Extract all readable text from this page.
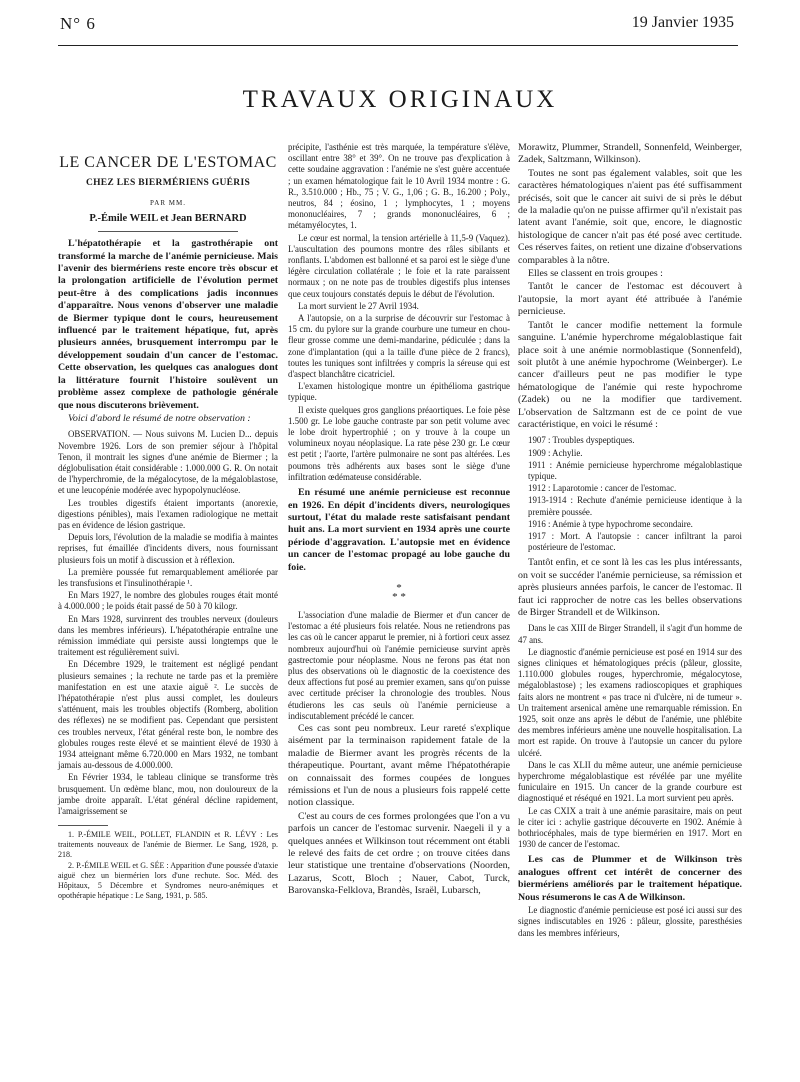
N° 6	19 Janvier 1935
TRAVAUX ORIGINAUX
LE CANCER DE L'ESTOMAC
CHEZ LES BIERMÉRIENS GUÉRIS
PAR MM.
P.-Émile WEIL et Jean BERNARD

L'hépatothérapie et la gastrothérapie ont transformé la marche de l'anémie pernicieuse. Mais l'avenir des biermériens reste encore très obscur et la prolongation artificielle de l'évolution permet peut-être à des complications jadis inconnues d'apparaître. Nous venons d'observer une maladie de Biermer typique dont le cours, heureusement influencé par le traitement hépatique, fut, après plusieurs années, brusquement interrompu par le développement soudain d'un cancer de l'estomac. Cette observation, les quelques cas analogues dont la littérature fournit l'histoire soulèvent un problème assez complexe de pathologie générale que nous discuterons brièvement.

Voici d'abord le résumé de notre observation :

OBSERVATION. — Nous suivons M. Lucien D... depuis Novembre 1926. Lors de son premier séjour à l'hôpital Tenon, il montrait les signes d'une anémie de Biermer ; la déglobulisation était considérable : 1.000.000 G. R. On notait de l'hyperchromie, de la mégalocytose, de la mégaloblastose, et une leucopénie modérée avec hypopolynucléose.

Les troubles digestifs étaient importants (anorexie, digestions pénibles), mais l'examen radiologique ne mettait pas en évidence de lésion gastrique.

Depuis lors, l'évolution de la maladie se modifia à maintes reprises, fut émaillée d'incidents divers, nous fournissant plusieurs fois un motif à discussion et à réflexion.

La première poussée fut remarquablement améliorée par les transfusions et l'insulinothérapie ¹.

En Mars 1927, le nombre des globules rouges était monté à 4.000.000 ; le poids était passé de 50 à 70 kilogr.

En Mars 1928, survinrent des troubles nerveux (douleurs dans les membres inférieurs). L'hépatothérapie entraîne une rémission immédiate qui persiste aussi longtemps que le traitement est régulièrement suivi.

En Décembre 1929, le traitement est négligé pendant plusieurs semaines ; la rechute ne tarde pas et la première manifestation en est une ataxie aiguë ². Le succès de l'hépatothérapie n'est plus aussi complet, les douleurs s'atténuent, mais les troubles objectifs (Romberg, abolition des réflexes) ne se modifient pas. Cependant que persistent ces troubles nerveux, l'état général reste bon, le nombre des globules rouges reste élevé et se maintient élevé de 1930 à 1934 atteignant même 6.720.000 en Mars 1932, ne tombant jamais au-dessous de 4.000.000.

En Février 1934, le tableau clinique se transforme très brusquement. Un œdème blanc, mou, non douloureux de la jambe droite apparaît. L'état général décline rapidement, l'amaigrissement se

1. P.-ÉMILE WEIL, POLLET, FLANDIN et R. LÉVY : Les traitements nouveaux de l'anémie de Biermer. Le Sang, 1928, p. 218.

2. P.-ÉMILE WEIL et G. SÉE : Apparition d'une poussée d'ataxie aiguë chez un biermérien lors d'une rechute. Soc. Méd. des Hôpitaux, 5 Décembre et Syndromes neuro-anémiques et opothérapie hépatique : Le Sang, 1931, p. 585.

précipite, l'asthénie est très marquée, la température s'élève, oscillant entre 38° et 39°. On ne trouve pas d'explication à cette soudaine aggravation : l'anémie ne s'est guère accentuée ; un examen hématologique fait le 10 Avril 1934 montre : G. R., 3.510.000 ; Hb., 75 ; V. G., 1,06 ; G. B., 16.200 ; Poly., neutros, 84 ; éosino, 1 ; lymphocytes, 1 ; moyens mononucléaires, 7 ; grands mononucléaires, 6 ; métamyélocytes, 1.

Le cœur est normal, la tension artérielle à 11,5-9 (Vaquez). L'auscultation des poumons montre des râles sibilants et ronflants. L'abdomen est ballonné et sa paroi est le siège d'une légère circulation collatérale ; le foie et la rate paraissent normaux ; on ne note pas de troubles digestifs plus intenses que ceux toujours constatés depuis le début de l'évolution.

La mort survient le 27 Avril 1934.

A l'autopsie, on a la surprise de découvrir sur l'estomac à 15 cm. du pylore sur la grande courbure une tumeur en chou-fleur grosse comme une demi-mandarine, pédiculée ; dans la zone d'implantation (qui a la taille d'une pièce de 2 francs), toutes les tuniques sont infiltrées y compris la séreuse qui est d'aspect blanchâtre cicatriciel.

L'examen histologique montre un épithélioma gastrique typique.

Il existe quelques gros ganglions préaortiques. Le foie pèse 1.500 gr. Le lobe gauche contraste par son petit volume avec le lobe droit hypertrophié ; on y trouve à la coupe un volumineux noyau néoplasique. La rate pèse 230 gr. Le cœur est petit ; l'aorte, l'artère pulmonaire ne sont pas altérées. Les poumons très adhérents aux bases sont le siège d'une infiltration œdémateuse considérable.

En résumé une anémie pernicieuse est reconnue en 1926. En dépit d'incidents divers, neurologiques surtout, l'état du malade reste satisfaisant pendant huit ans. La mort survient en 1934 après une courte période d'aggravation. L'autopsie met en évidence un cancer de l'estomac propagé au lobe gauche du foie.

*
* *

L'association d'une maladie de Biermer et d'un cancer de l'estomac a été plusieurs fois relatée. Nous ne retiendrons pas les cas où le cancer apparut le premier, ni à fortiori ceux assez nombreux aujourd'hui où l'anémie pernicieuse survint après gastrectomie pour néoplasme. Nous ne ferons pas état non plus des observations où le diagnostic de la coexistence des deux affections fut posé au premier examen, sans qu'on puisse avec certitude préciser la chronologie des troubles. Nous étudierons les cas seuls où l'anémie pernicieuse a indiscutablement précédé le cancer.

Ces cas sont peu nombreux. Leur rareté s'explique aisément par la terminaison rapidement fatale de la maladie de Biermer avant les progrès récents de la thérapeutique. Pourtant, avant même l'hépatothérapie on connaissait des formes coupées de longues rémissions et l'un de nous a plusieurs fois rappelé cette notion classique.

C'est au cours de ces formes prolongées que l'on a vu parfois un cancer de l'estomac survenir. Naegeli il y a quelques années et Wilkinson tout récemment ont établi le relevé des faits de cet ordre ; on trouve citées dans leur statistique une trentaine d'observations (Noorden, Lazarus, Scott, Bloch ; Nauer, Cabot, Turck, Barovanska-Felklova, Brandès, Israël, Lubarsch,

Morawitz, Plummer, Strandell, Sonnenfeld, Weinberger, Zadek, Saltzmann, Wilkinson).

Toutes ne sont pas également valables, soit que les caractères hématologiques n'aient pas été suffisamment précisés, soit que le cancer ait suivi de si près le début de la maladie qu'on ne puisse affirmer qu'il n'existait pas latent avant l'anémie, soit que, encore, le diagnostic histologique de cancer n'ait pas été posé avec certitude. Ces réserves faites, on retient une dizaine d'observations comparables à la nôtre.

Elles se classent en trois groupes :

Tantôt le cancer de l'estomac est découvert à l'autopsie, la mort ayant été attribuée à l'anémie pernicieuse.

Tantôt le cancer modifie nettement la formule sanguine. L'anémie hyperchrome mégaloblastique fait place soit à une anémie normoblastique (Sonnenfeld), soit plutôt à une anémie hypochrome (Weinberger). Le cancer d'ailleurs peut ne pas modifier le type hématologique de l'anémie qui reste hypochrome (Zadek) ou ne la modifier que tardivement. L'observation de Saltzmann est de ce point de vue caractéristique, en voici le résumé :

1907 : Troubles dyspeptiques.

1909 : Achylie.

1911 : Anémie pernicieuse hyperchrome mégaloblastique typique.

1912 : Laparotomie : cancer de l'estomac.

1913-1914 : Rechute d'anémie pernicieuse identique à la première poussée.

1916 : Anémie à type hypochrome secondaire.

1917 : Mort. A l'autopsie : cancer infiltrant la paroi postérieure de l'estomac.

Tantôt enfin, et ce sont là les cas les plus intéressants, on voit se succéder l'anémie pernicieuse, sa rémission et après plusieurs années parfois, le cancer de l'estomac. Il faut ici rapprocher de notre cas les belles observations de Birger Strandell et de Wilkinson.

Dans le cas XIII de Birger Strandell, il s'agit d'un homme de 47 ans.

Le diagnostic d'anémie pernicieuse est posé en 1914 sur des signes cliniques et hématologiques précis (pâleur, glossite, 1.110.000 globules rouges, hyperchromie, mégalocytose, mégaloblastose) ; les examens radioscopiques et graphiques faits alors ne montrent « pas trace ni d'ulcère, ni de tumeur ». Un traitement arsenical amène une remarquable rémission. En 1925, soit onze ans après le début de l'anémie, une phlébite des membres inférieurs amène une nouvelle hospitalisation. La mort est rapide. On trouve à l'autopsie un cancer du pylore ulcéré.

Dans le cas XLII du même auteur, une anémie pernicieuse hyperchrome mégaloblastique est révélée par une myélite funiculaire en 1915. Un cancer de la grande courbure est diagnostiqué et réséqué en 1921. La mort survient peu après.

Le cas CXIX a trait à une anémie parasitaire, mais on peut le citer ici : achylie gastrique découverte en 1902. Anémie à bothriocéphales, mais de type biermérien en 1917. Mort en 1930 de cancer de l'estomac.

Les cas de Plummer et de Wilkinson très analogues offrent cet intérêt de concerner des biermériens améliorés par le traitement hépatique. Nous résumerons le cas A de Wilkinson.

Le diagnostic d'anémie pernicieuse est posé ici aussi sur des signes indiscutables en 1926 : pâleur, glossite, paresthésies dans les membres inférieurs,
